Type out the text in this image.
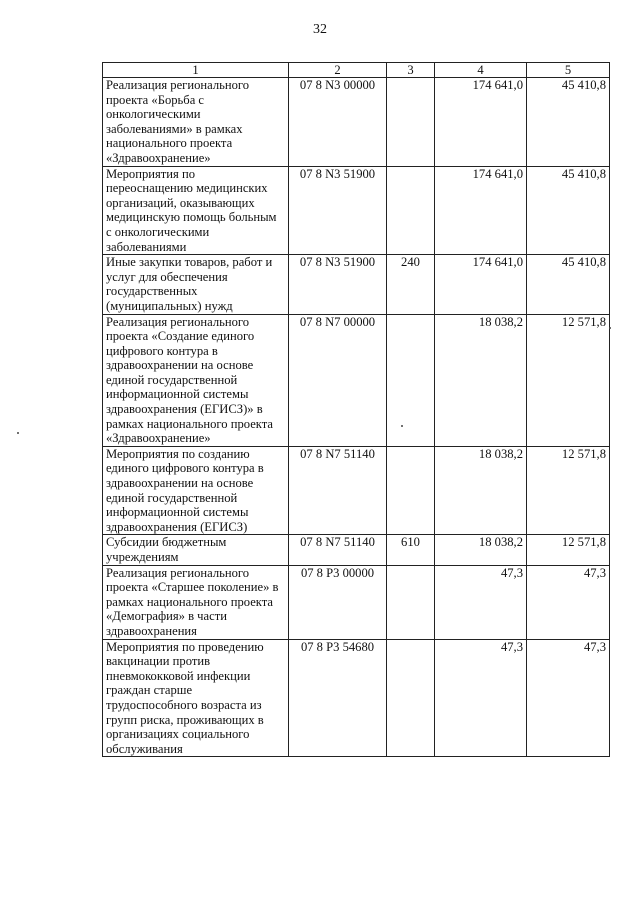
32
1	2	3	4	5
Реализация регионального проекта «Борьба с онкологическими заболеваниями» в рамках национального проекта «Здравоохранение»	07 8 N3 00000		174 641,0	45 410,8
Мероприятия по переоснащению медицинских организаций, оказывающих медицинскую помощь больным с онкологическими заболеваниями	07 8 N3 51900		174 641,0	45 410,8
Иные закупки товаров, работ и услуг для обеспечения государственных (муниципальных) нужд	07 8 N3 51900	240	174 641,0	45 410,8
Реализация регионального проекта «Создание единого цифрового контура в здравоохранении на основе единой государственной информационной системы здравоохранения (ЕГИСЗ)» в рамках национального проекта «Здравоохранение»	07 8 N7 00000		18 038,2	12 571,8
Мероприятия по созданию единого цифрового контура в здравоохранении на основе единой государственной информационной системы здравоохранения (ЕГИСЗ)	07 8 N7 51140		18 038,2	12 571,8
Субсидии бюджетным учреждениям	07 8 N7 51140	610	18 038,2	12 571,8
Реализация регионального проекта «Старшее поколение» в рамках национального проекта «Демография» в части здравоохранения	07 8 P3 00000		47,3	47,3
Мероприятия по проведению вакцинации против пневмококковой инфекции граждан старше трудоспособного возраста из групп риска, проживающих в организациях социального обслуживания	07 8 P3 54680		47,3	47,3
